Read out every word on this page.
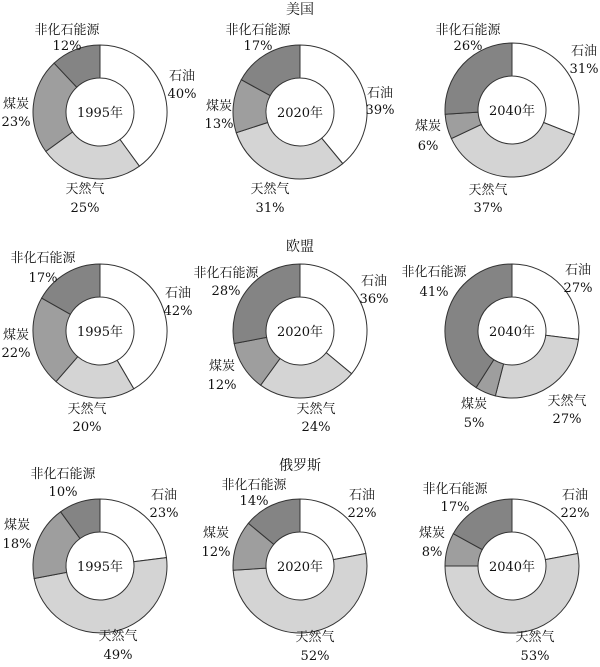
美国
欧盟
俄罗斯
石油
40%
天然气
25%
煤炭
23%
非化石能源
12%
1995年
石油
39%
天然气
31%
煤炭
13%
非化石能源
17%
2020年
石油
31%
天然气
37%
煤炭
6%
非化石能源
26%
2040年
石油
42%
天然气
20%
煤炭
22%
非化石能源
17%
1995年
石油
36%
天然气
24%
煤炭
12%
非化石能源
28%
2020年
石油
27%
天然气
27%
煤炭
5%
非化石能源
41%
2040年
石油
23%
天然气
49%
煤炭
18%
非化石能源
10%
1995年
石油
22%
天然气
52%
煤炭
12%
非化石能源
14%
2020年
石油
22%
天然气
53%
煤炭
8%
非化石能源
17%
2040年
